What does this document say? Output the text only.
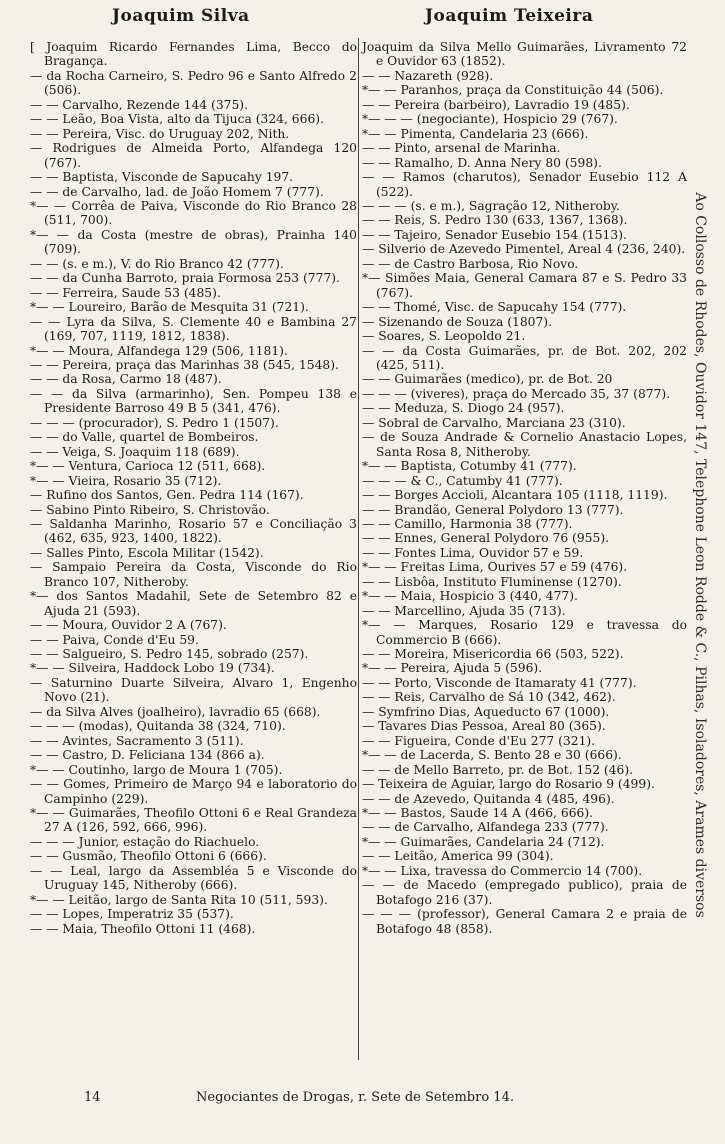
Joaquim Silva	Joaquim Teixeira
[ Joaquim Ricardo Fernandes Lima, Becco do Bragança.
— da Rocha Carneiro, S. Pedro 96 e Santo Alfredo 2 (506).
— — Carvalho, Rezende 144 (375).
— — Leão, Boa Vista, alto da Tijuca (324, 666).
— — Pereira, Visc. do Uruguay 202, Nith.
— Rodrigues de Almeida Porto, Alfandega 120 (767).
— — Baptista, Visconde de Sapucahy 197.
— — de Carvalho, lad. de João Homem 7 (777).
*— — Corrêa de Paiva, Visconde do Rio Branco 28 (511, 700).
*— — da Costa (mestre de obras), Prainha 140 (709).
— — (s. e m.), V. do Rio Branco 42 (777).
— — da Cunha Barroto, praia Formosa 253 (777).
— — Ferreira, Saude 53 (485).
*— — Loureiro, Barão de Mesquita 31 (721).
— — Lyra da Silva, S. Clemente 40 e Bambina 27 (169, 707, 1119, 1812, 1838).
*— — Moura, Alfandega 129 (506, 1181).
— — Pereira, praça das Marinhas 38 (545, 1548).
— — da Rosa, Carmo 18 (487).
— — da Silva (armarinho), Sen. Pompeu 138 e Presidente Barroso 49 B 5 (341, 476).
— — — (procurador), S. Pedro 1 (1507).
— — do Valle, quartel de Bombeiros.
— — Veiga, S. Joaquim 118 (689).
*— — Ventura, Carioca 12 (511, 668).
*— — Vieira, Rosario 35 (712).
— Rufino dos Santos, Gen. Pedra 114 (167).
— Sabino Pinto Ribeiro, S. Christovão.
— Saldanha Marinho, Rosario 57 e Conciliação 3 (462, 635, 923, 1400, 1822).
— Salles Pinto, Escola Militar (1542).
— Sampaio Pereira da Costa, Visconde do Rio Branco 107, Nitheroby.
*— dos Santos Madahil, Sete de Setembro 82 e Ajuda 21 (593).
— — Moura, Ouvidor 2 A (767).
— — Paiva, Conde d'Eu 59.
— — Salgueiro, S. Pedro 145, sobrado (257).
*— — Silveira, Haddock Lobo 19 (734).
— Saturnino Duarte Silveira, Alvaro 1, Engenho Novo (21).
— da Silva Alves (joalheiro), lavradio 65 (668).
— — — (modas), Quitanda 38 (324, 710).
— — Avintes, Sacramento 3 (511).
— — Castro, D. Feliciana 134 (866 a).
*— — Coutinho, largo de Moura 1 (705).
— — Gomes, Primeiro de Março 94 e laboratorio do Campinho (229).
*— — Guimarães, Theofilo Ottoni 6 e Real Grandeza 27 A (126, 592, 666, 996).
— — — Junior, estação do Riachuelo.
— — Gusmão, Theofilo Ottoni 6 (666).
— — Leal, largo da Assembléa 5 e Visconde do Uruguay 145, Nitheroby (666).
*— — Leitão, largo de Santa Rita 10 (511, 593).
— — Lopes, Imperatriz 35 (537).
— — Maia, Theofilo Ottoni 11 (468).
Joaquim da Silva Mello Guimarães, Livramento 72 e Ouvidor 63 (1852).
— — Nazareth (928).
*— — Paranhos, praça da Constituição 44 (506).
— — Pereira (barbeiro), Lavradio 19 (485).
*— — — (negociante), Hospicio 29 (767).
*— — Pimenta, Candelaria 23 (666).
— — Pinto, arsenal de Marinha.
— — Ramalho, D. Anna Nery 80 (598).
— — Ramos (charutos), Senador Eusebio 112 A (522).
— — — (s. e m.), Sagração 12, Nitheroby.
— — Reis, S. Pedro 130 (633, 1367, 1368).
— — Tajeiro, Senador Eusebio 154 (1513).
— Silverio de Azevedo Pimentel, Areal 4 (236, 240).
— — de Castro Barbosa, Rio Novo.
*— Simões Maia, General Camara 87 e S. Pedro 33 (767).
— — Thomé, Visc. de Sapucahy 154 (777).
— Sizenando de Souza (1807).
— Soares, S. Leopoldo 21.
— — da Costa Guimarães, pr. de Bot. 202, 202 (425, 511).
— — Guimarães (medico), pr. de Bot. 20
— — — (viveres), praça do Mercado 35, 37 (877).
— — Meduza, S. Diogo 24 (957).
— Sobral de Carvalho, Marciana 23 (310).
— de Souza Andrade & Cornelio Anastacio Lopes, Santa Rosa 8, Nitheroby.
*— — Baptista, Cotumby 41 (777).
— — — & C., Catumby 41 (777).
— — Borges Accioli, Alcantara 105 (1118, 1119).
— — Brandão, General Polydoro 13 (777).
— — Camillo, Harmonia 38 (777).
— — Ennes, General Polydoro 76 (955).
— — Fontes Lima, Ouvidor 57 e 59.
*— — Freitas Lima, Ourives 57 e 59 (476).
— — Lisbôa, Instituto Fluminense (1270).
*— — Maia, Hospicio 3 (440, 477).
— — Marcellino, Ajuda 35 (713).
*— — Marques, Rosario 129 e travessa do Commercio B (666).
— — Moreira, Misericordia 66 (503, 522).
*— — Pereira, Ajuda 5 (596).
— — Porto, Visconde de Itamaraty 41 (777).
— — Reis, Carvalho de Sá 10 (342, 462).
— Symfrino Dias, Aqueducto 67 (1000).
— Tavares Dias Pessoa, Areal 80 (365).
— — Figueira, Conde d'Eu 277 (321).
*— — de Lacerda, S. Bento 28 e 30 (666).
— — de Mello Barreto, pr. de Bot. 152 (46).
— Teixeira de Aguiar, largo do Rosario 9 (499).
— — de Azevedo, Quitanda 4 (485, 496).
*— — Bastos, Saude 14 A (466, 666).
— — de Carvalho, Alfandega 233 (777).
*— — Guimarães, Candelaria 24 (712).
— — Leitão, America 99 (304).
*— — Lixa, travessa do Commercio 14 (700).
— — de Macedo (empregado publico), praia de Botafogo 216 (37).
— — — (professor), General Camara 2 e praia de Botafogo 48 (858).
Ao Collosso de Rhodes, Ouvidor 147, Telephone Leon Rodde & C., Pilhas, Isoladores, Arames diversos
14	Negociantes de Drogas, r. Sete de Setembro 14.
